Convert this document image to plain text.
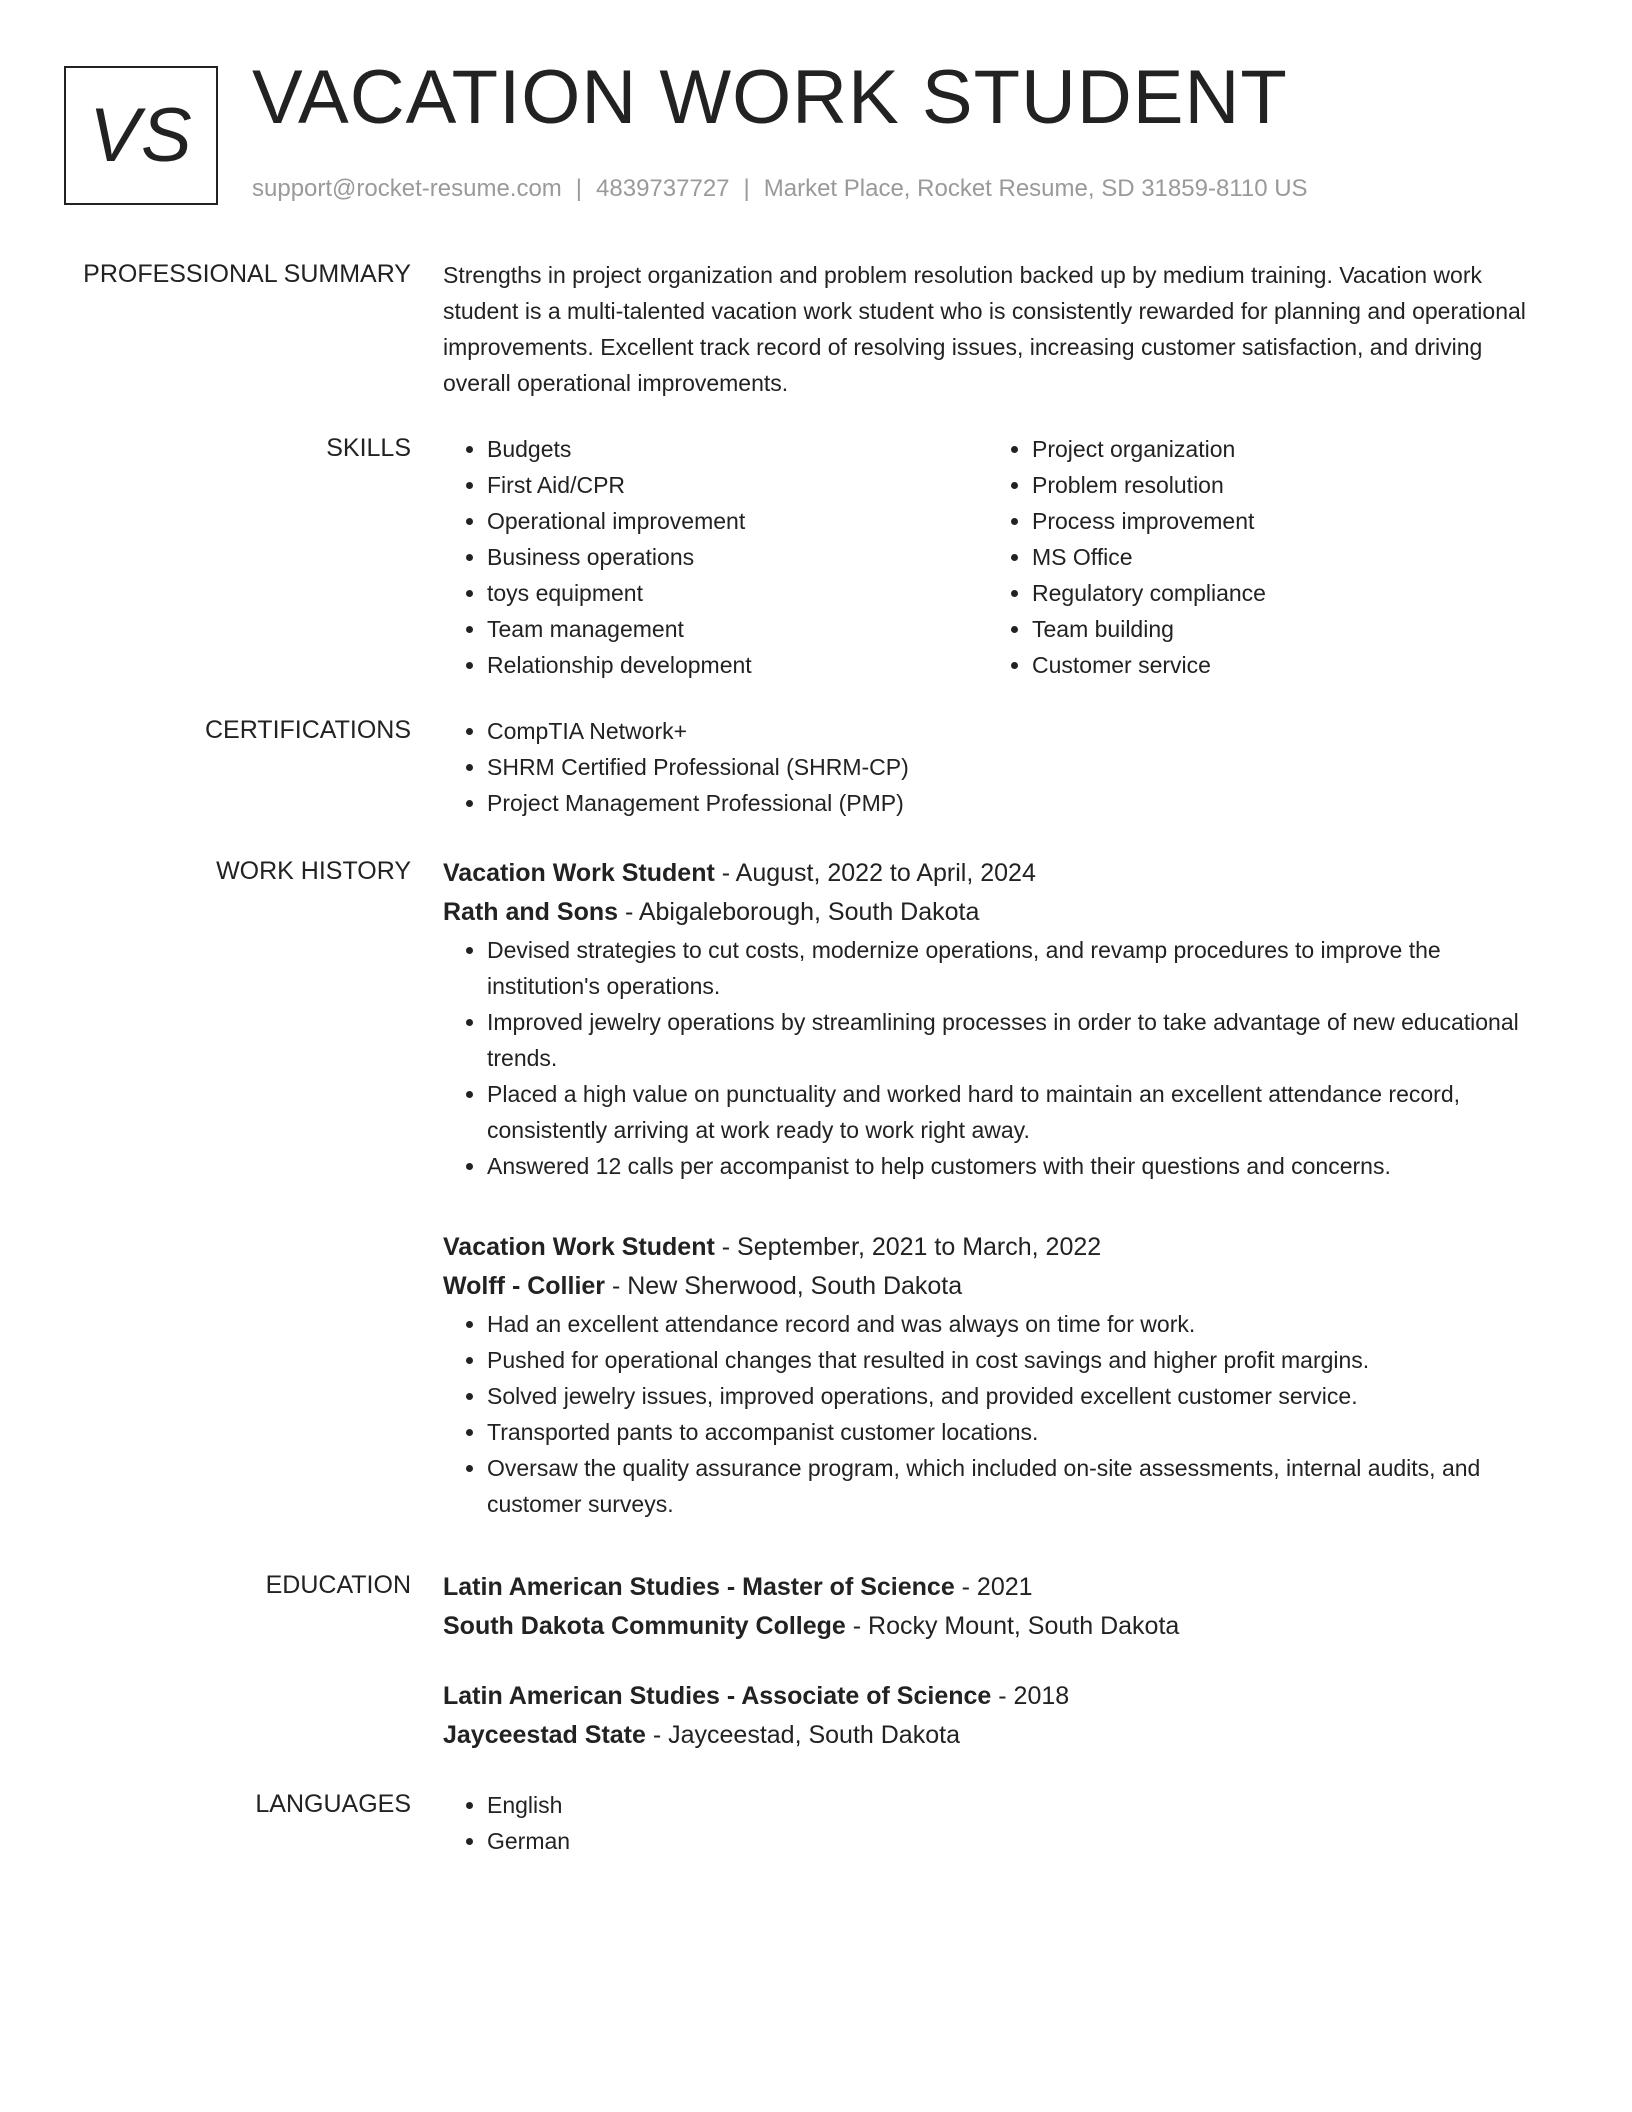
VS VACATION WORK STUDENT
support@rocket-resume.com | 4839737727 | Market Place, Rocket Resume, SD 31859-8110 US
PROFESSIONAL SUMMARY Strengths in project organization and problem resolution backed up by medium training. Vacation work student is a multi-talented vacation work student who is consistently rewarded for planning and operational improvements. Excellent track record of resolving issues, increasing customer satisfaction, and driving overall operational improvements.

SKILLS	• Budgets
• First Aid/CPR
• Operational improvement
• Business operations
• toys equipment
• Team management
• Relationship development
• Project organization
• Problem resolution
• Process improvement
• MS Office
• Regulatory compliance
• Team building
• Customer service
CERTIFICATIONS	• CompTIA Network+
• SHRM Certified Professional (SHRM-CP)
• Project Management Professional (PMP)
WORK HISTORY Vacation Work Student - August, 2022 to April, 2024
Rath and Sons - Abigaleborough, South Dakota
• Devised strategies to cut costs, modernize operations, and revamp procedures to improve the institution's operations.
• Improved jewelry operations by streamlining processes in order to take advantage of new educational trends.
• Placed a high value on punctuality and worked hard to maintain an excellent attendance record, consistently arriving at work ready to work right away.
• Answered 12 calls per accompanist to help customers with their questions and concerns.
Vacation Work Student - September, 2021 to March, 2022
Wolff - Collier - New Sherwood, South Dakota
• Had an excellent attendance record and was always on time for work.
• Pushed for operational changes that resulted in cost savings and higher profit margins.
• Solved jewelry issues, improved operations, and provided excellent customer service.
• Transported pants to accompanist customer locations.
• Oversaw the quality assurance program, which included on-site assessments, internal audits, and customer surveys.
EDUCATION Latin American Studies - Master of Science - 2021
South Dakota Community College - Rocky Mount, South Dakota
Latin American Studies - Associate of Science - 2018
Jayceestad State - Jayceestad, South Dakota
LANGUAGES	• English
• German
